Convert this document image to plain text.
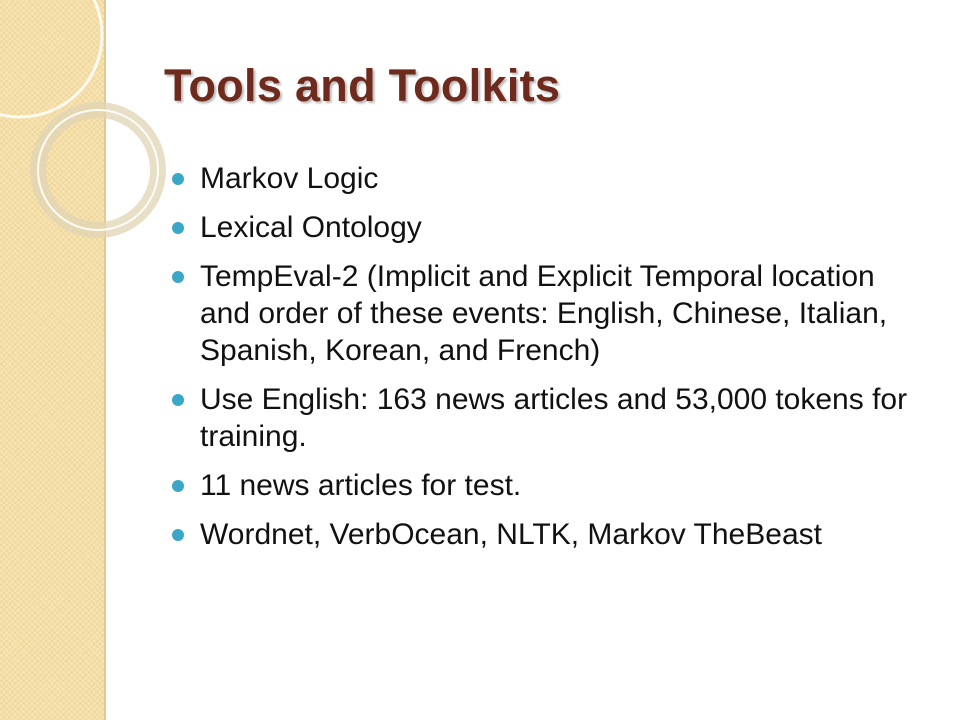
Tools and Toolkits
Markov Logic
Lexical Ontology
TempEval-2 (Implicit and Explicit Temporal location and order of these events: English, Chinese, Italian, Spanish, Korean, and French)
Use English: 163 news articles and 53,000 tokens for training.
11 news articles for test.
Wordnet, VerbOcean, NLTK, Markov TheBeast
